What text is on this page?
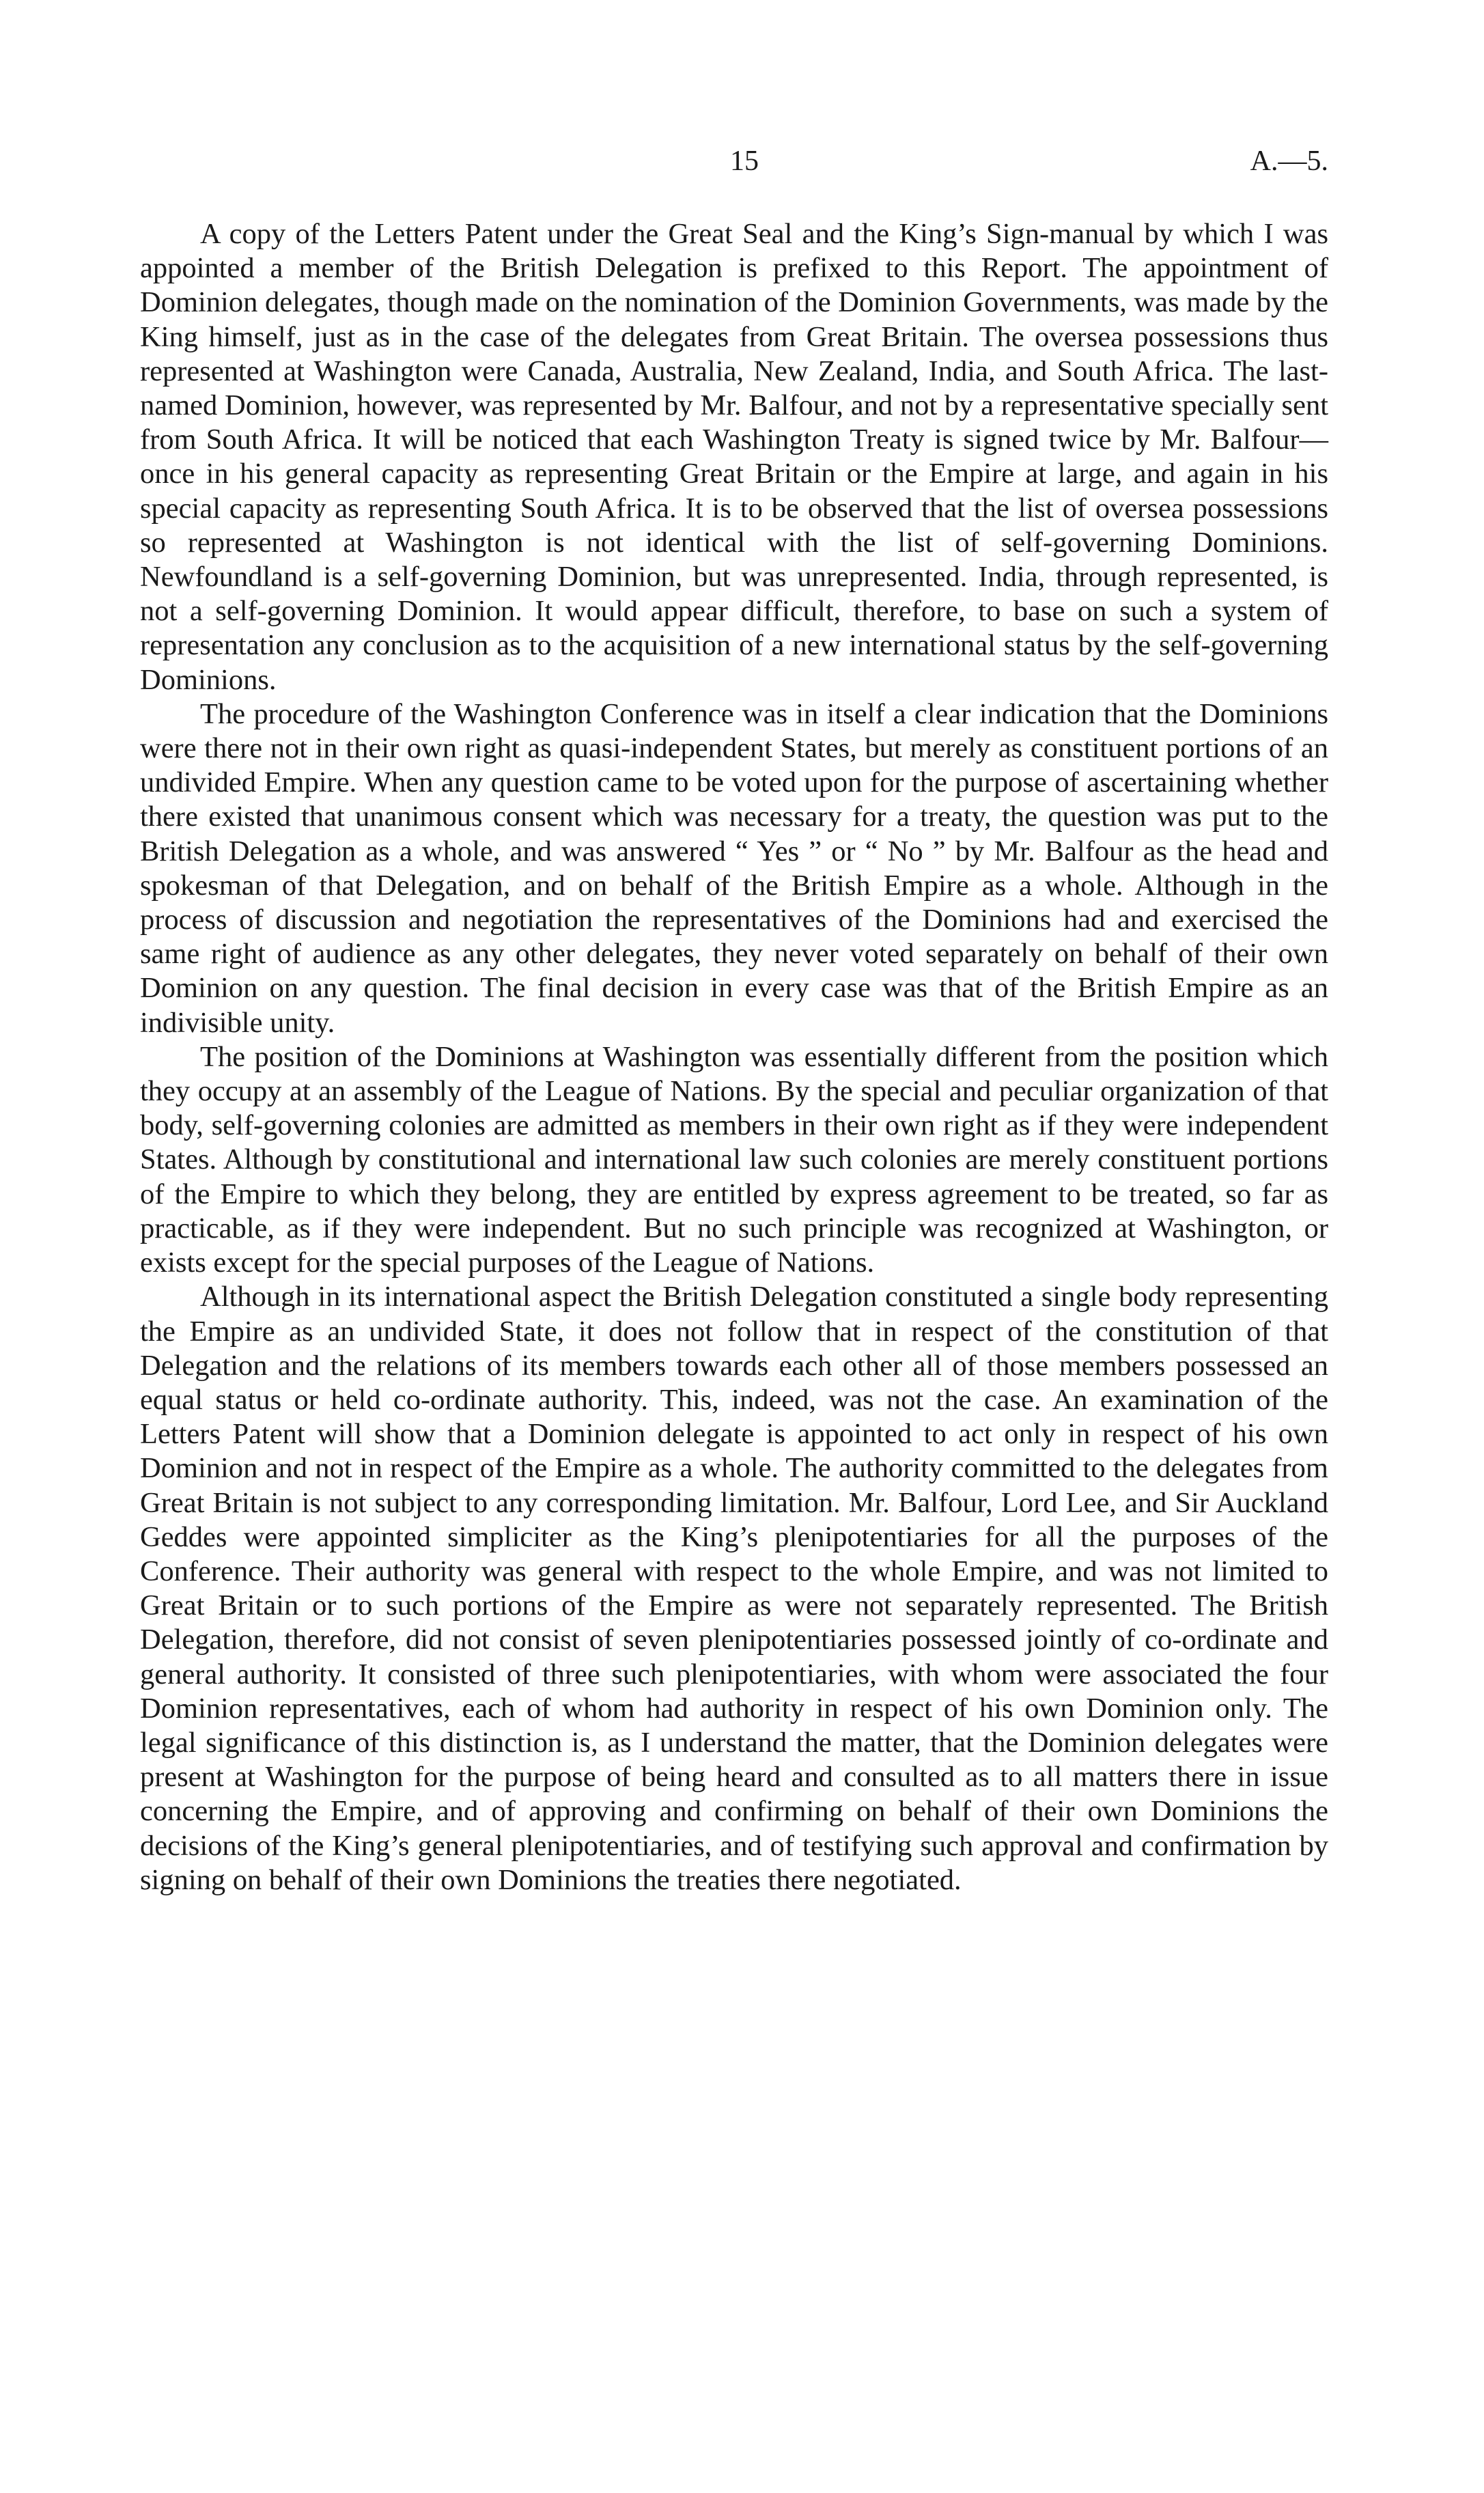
15	A.—5.

A copy of the Letters Patent under the Great Seal and the King’s Sign-manual by which I was appointed a member of the British Delegation is prefixed to this Report. The appointment of Dominion delegates, though made on the nomination of the Dominion Governments, was made by the King himself, just as in the case of the delegates from Great Britain. The oversea possessions thus represented at Washington were Canada, Australia, New Zealand, India, and South Africa. The last-named Dominion, however, was represented by Mr. Balfour, and not by a representative specially sent from South Africa. It will be noticed that each Washington Treaty is signed twice by Mr. Balfour—once in his general capacity as representing Great Britain or the Empire at large, and again in his special capacity as representing South Africa. It is to be observed that the list of oversea possessions so represented at Washington is not identical with the list of self-governing Dominions. Newfoundland is a self-governing Dominion, but was unrepresented. India, through represented, is not a self-governing Dominion. It would appear difficult, therefore, to base on such a system of representation any conclusion as to the acquisition of a new international status by the self-governing Dominions.

The procedure of the Washington Conference was in itself a clear indication that the Dominions were there not in their own right as quasi-independent States, but merely as constituent portions of an undivided Empire. When any question came to be voted upon for the purpose of ascertaining whether there existed that unanimous consent which was necessary for a treaty, the question was put to the British Delegation as a whole, and was answered “ Yes ” or “ No ” by Mr. Balfour as the head and spokesman of that Delegation, and on behalf of the British Empire as a whole. Although in the process of discussion and negotiation the representatives of the Dominions had and exercised the same right of audience as any other delegates, they never voted separately on behalf of their own Dominion on any question. The final decision in every case was that of the British Empire as an indivisible unity.

The position of the Dominions at Washington was essentially different from the position which they occupy at an assembly of the League of Nations. By the special and peculiar organization of that body, self-governing colonies are admitted as members in their own right as if they were independent States. Although by constitutional and international law such colonies are merely constituent portions of the Empire to which they belong, they are entitled by express agreement to be treated, so far as practicable, as if they were independent. But no such principle was recognized at Washington, or exists except for the special purposes of the League of Nations.

Although in its international aspect the British Delegation constituted a single body representing the Empire as an undivided State, it does not follow that in respect of the constitution of that Delegation and the relations of its members towards each other all of those members possessed an equal status or held co-ordinate authority. This, indeed, was not the case. An examination of the Letters Patent will show that a Dominion delegate is appointed to act only in respect of his own Dominion and not in respect of the Empire as a whole. The authority committed to the delegates from Great Britain is not subject to any corresponding limitation. Mr. Balfour, Lord Lee, and Sir Auckland Geddes were appointed simpliciter as the King’s plenipotentiaries for all the purposes of the Conference. Their authority was general with respect to the whole Empire, and was not limited to Great Britain or to such portions of the Empire as were not separately represented. The British Delegation, therefore, did not consist of seven plenipotentiaries possessed jointly of co-ordinate and general authority. It consisted of three such plenipotentiaries, with whom were associated the four Dominion representatives, each of whom had authority in respect of his own Dominion only. The legal significance of this distinction is, as I understand the matter, that the Dominion delegates were present at Washington for the purpose of being heard and consulted as to all matters there in issue concerning the Empire, and of approving and confirming on behalf of their own Dominions the decisions of the King’s general plenipotentiaries, and of testifying such approval and confirmation by signing on behalf of their own Dominions the treaties there negotiated.
